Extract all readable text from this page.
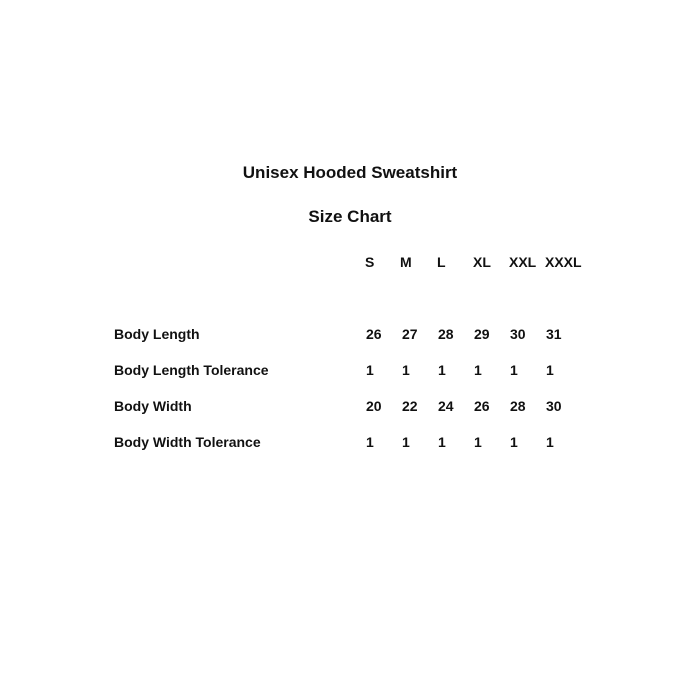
Unisex Hooded Sweatshirt
Size Chart
S M L XL XXL XXXL
Body Length	26 27 28 29 30 31
Body Length Tolerance	1 1 1 1 1 1
Body Width	20 22 24 26 28 30
Body Width Tolerance	1 1 1 1 1 1
